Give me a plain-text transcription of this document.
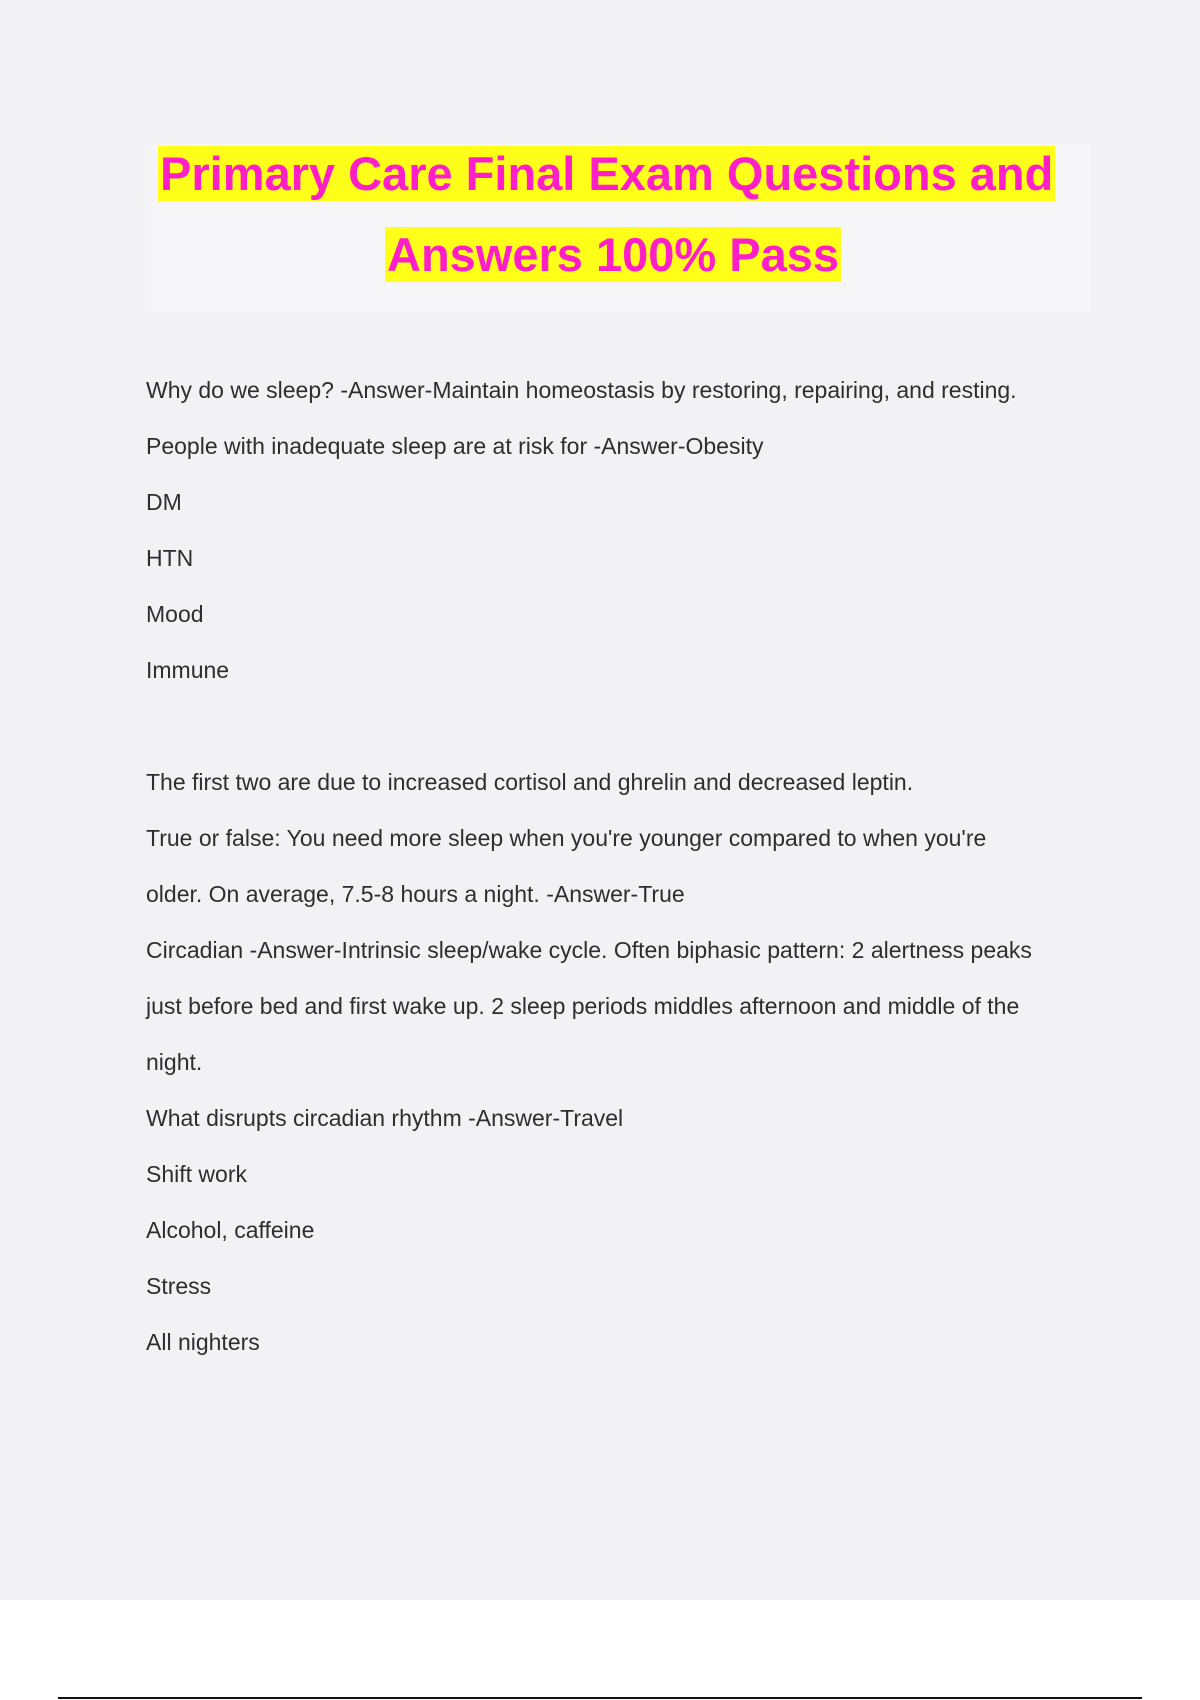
Primary Care Final Exam Questions and
Answers 100% Pass
Why do we sleep? -Answer-Maintain homeostasis by restoring, repairing, and resting.
People with inadequate sleep are at risk for -Answer-Obesity
DM
HTN
Mood
Immune
The first two are due to increased cortisol and ghrelin and decreased leptin.
True or false: You need more sleep when you're younger compared to when you're
older. On average, 7.5-8 hours a night. -Answer-True
Circadian -Answer-Intrinsic sleep/wake cycle. Often biphasic pattern: 2 alertness peaks
just before bed and first wake up. 2 sleep periods middles afternoon and middle of the
night.
What disrupts circadian rhythm -Answer-Travel
Shift work
Alcohol, caffeine
Stress
All nighters
